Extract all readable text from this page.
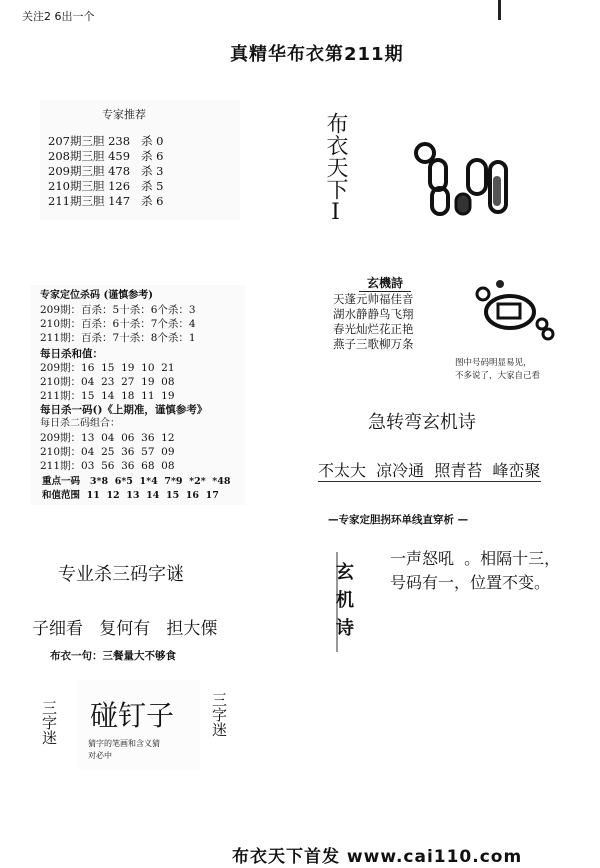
关注2 6出一个
真精华布衣第211期
专家推荐
207期三胆 238   杀 0
208期三胆 459   杀 6
209期三胆 478   杀 3
210期三胆 126   杀 5
211期三胆 147   杀 6
专家定位杀码 (谨慎参考)
209期：百杀：5十杀：6个杀：3
210期：百杀：6十杀：7个杀：4
211期：百杀：7十杀：8个杀：1
每日杀和值：
209期：16  15  19  10  21
210期：04  23  27  19  08
211期：15  14  18  11  19
每日杀一码()《上期准，谨慎参考》
每日杀二码组合：
209期：13  04  06  36  12
210期：04  25  36  57  09
211期：03  56  36  68  08
重点一码   3*8  6*5  1*4  7*9  *2*  *48
和值范围  11  12  13  14  15  16  17
布衣天下I
玄機詩
天蓬元帅福佳音
湖水静静鸟飞翔
春光灿烂花正艳
燕子三歌柳万条
图中号码明显易见，
不多说了，大家自己看
急转弯玄机诗
不太大  凉冷通  照青苔  峰峦聚
—专家定胆拐环单线直穿析 —
玄机诗
一声怒吼  。相隔十三，
号码有一，位置不变。
专业杀三码字谜
子细看   复何有   担大傈
布衣一句：三餐量大不够食
三字迷 碰钉子
猜字的笔画和含义猜
对必中
三字迷
布衣天下首发 www.cai110.com
